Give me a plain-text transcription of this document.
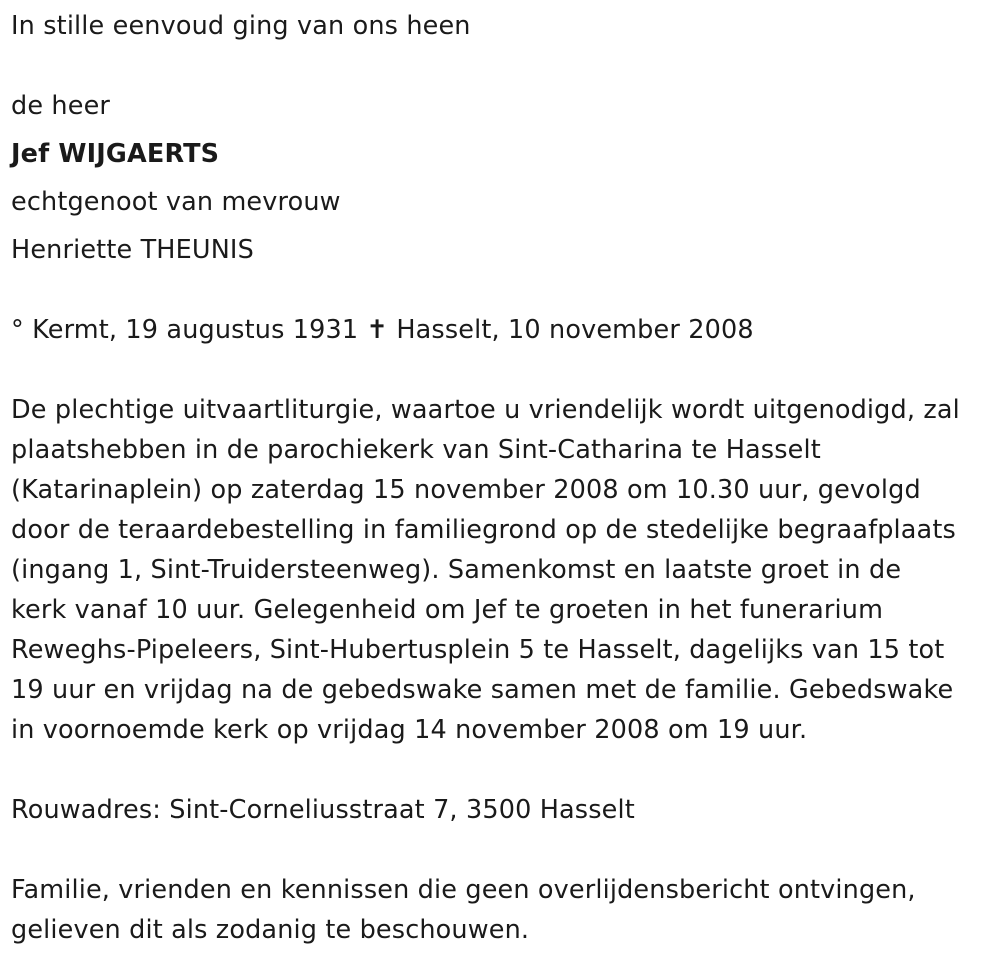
In stille eenvoud ging van ons heen
de heer
Jef WIJGAERTS
echtgenoot van mevrouw
Henriette THEUNIS
° Kermt, 19 augustus 1931 ✝ Hasselt, 10 november 2008
De plechtige uitvaartliturgie, waartoe u vriendelijk wordt uitgenodigd, zal
plaatshebben in de parochiekerk van Sint-Catharina te Hasselt
(Katarinaplein) op zaterdag 15 november 2008 om 10.30 uur, gevolgd
door de teraardebestelling in familiegrond op de stedelijke begraafplaats
(ingang 1, Sint-Truidersteenweg). Samenkomst en laatste groet in de
kerk vanaf 10 uur. Gelegenheid om Jef te groeten in het funerarium
Reweghs-Pipeleers, Sint-Hubertusplein 5 te Hasselt, dagelijks van 15 tot
19 uur en vrijdag na de gebedswake samen met de familie. Gebedswake
in voornoemde kerk op vrijdag 14 november 2008 om 19 uur.
Rouwadres: Sint-Corneliusstraat 7, 3500 Hasselt
Familie, vrienden en kennissen die geen overlijdensbericht ontvingen,
gelieven dit als zodanig te beschouwen.
